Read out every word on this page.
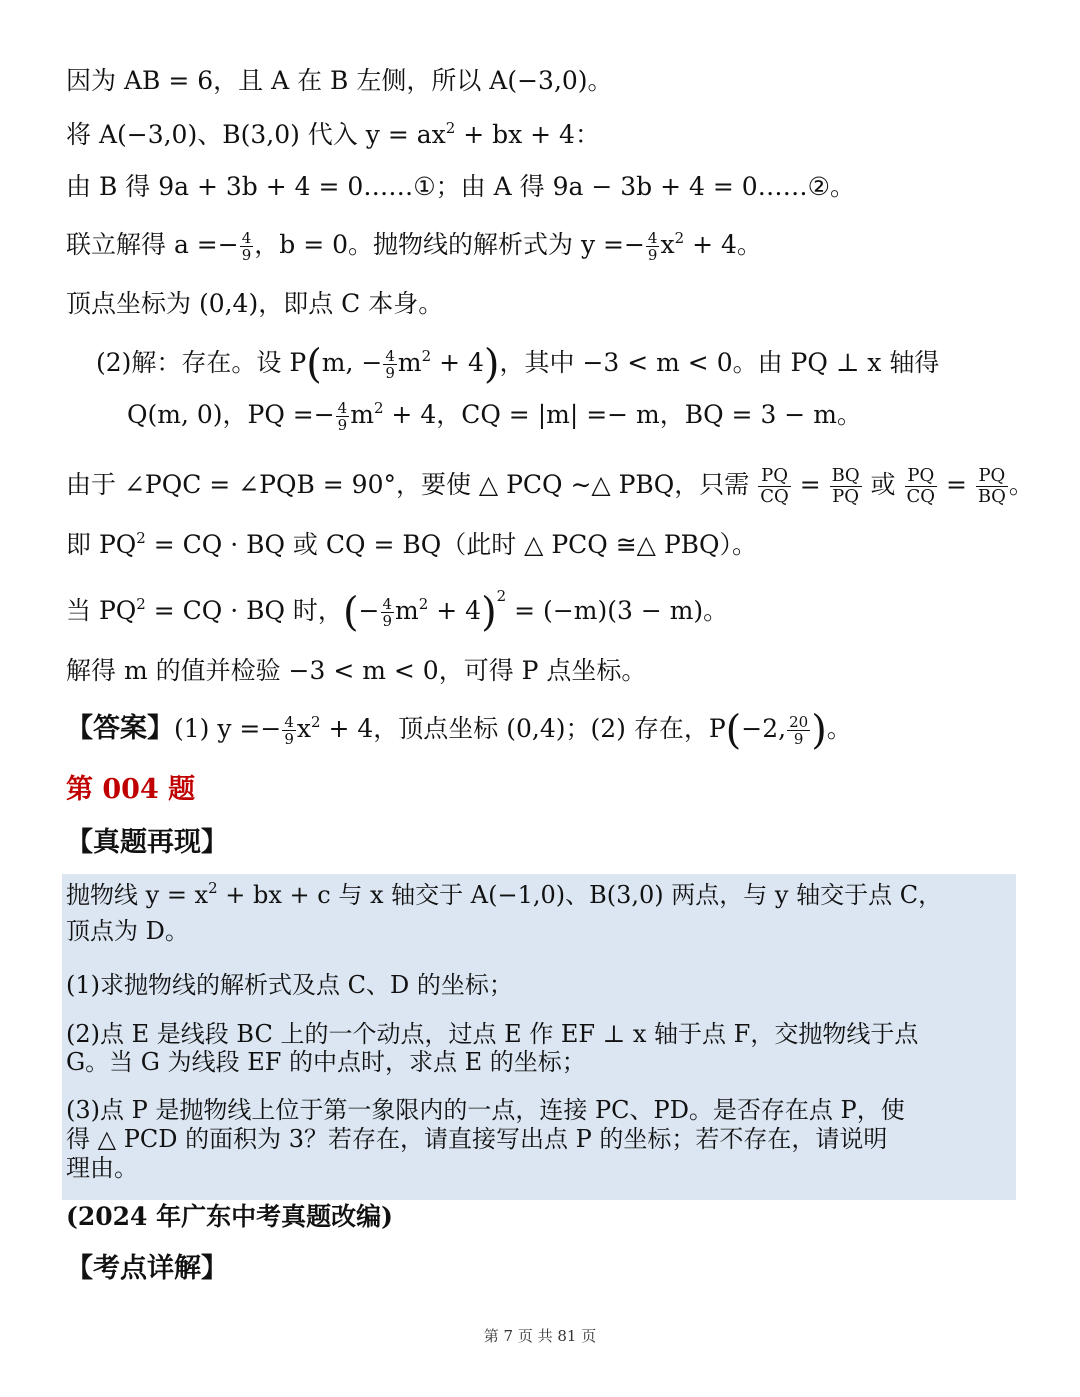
因为 AB = 6，且 A 在 B 左侧，所以 A(−3,0)。
将 A(−3,0)、B(3,0) 代入 $y = ax^2$ + bx + 4：
由 B 得 9a + 3b + 4 = 0……①；由 A 得 9a − 3b + 4 = 0……②。
联立解得 $a =- \frac{4}{9}$ ，b = 0。抛物线的解析式为 $y =- \frac{4}{9} x^2 + 4$。
顶点坐标为 (0,4)，即点 C 本身。
(2)解：存在。设 P(m, − $\frac{4}{9} m^2 + 4$)，其中 −3 < m < 0。由 PQ ⊥ x 轴得
Q(m, 0)，PQ =− $\frac{4}{9} m^2 + 4$，CQ = |m| =− m，BQ = 3 − m。
由于 ∠PQC = ∠PQB = 90°，要使 △ PCQ ∼△ PBQ，只需 $\frac{PQ}{CQ} = \frac{BQ}{PQ}$ 或 $\frac{PQ}{CQ} = \frac{PQ}{BQ}$ 。
即 $PQ^2$ = CQ · BQ 或 CQ = BQ（此时 △ PCQ ≅△ PBQ）。
当 $PQ^2$ = CQ · BQ 时，(− $\frac{4}{9} m^2 + 4)^2 = (-m)(3 - m)$。
解得 m 的值并检验 −3 < m < 0，可得 P 点坐标。
【答案】(1) $y =- \frac{4}{9} x^2 + 4$，顶点坐标 (0,4)；(2) 存在，P(−2, $\frac{20}{9}$ )。
第 004 题
【真题再现】
抛物线 $y = x^2$ + bx + c 与 x 轴交于 A(−1,0)、B(3,0) 两点，与 y 轴交于点 C，
顶点为 D。
(1)求抛物线的解析式及点 C、D 的坐标；
(2)点 E 是线段 BC 上的一个动点，过点 E 作 EF ⊥ x 轴于点 F，交抛物线于点
G。当 G 为线段 EF 的中点时，求点 E 的坐标；
(3)点 P 是抛物线上位于第一象限内的一点，连接 PC、PD。是否存在点 P，使
得 △ PCD 的面积为 3？若存在，请直接写出点 P 的坐标；若不存在，请说明
理由。
(2024 年广东中考真题改编)
【考点详解】
第 7 页 共 81 页
